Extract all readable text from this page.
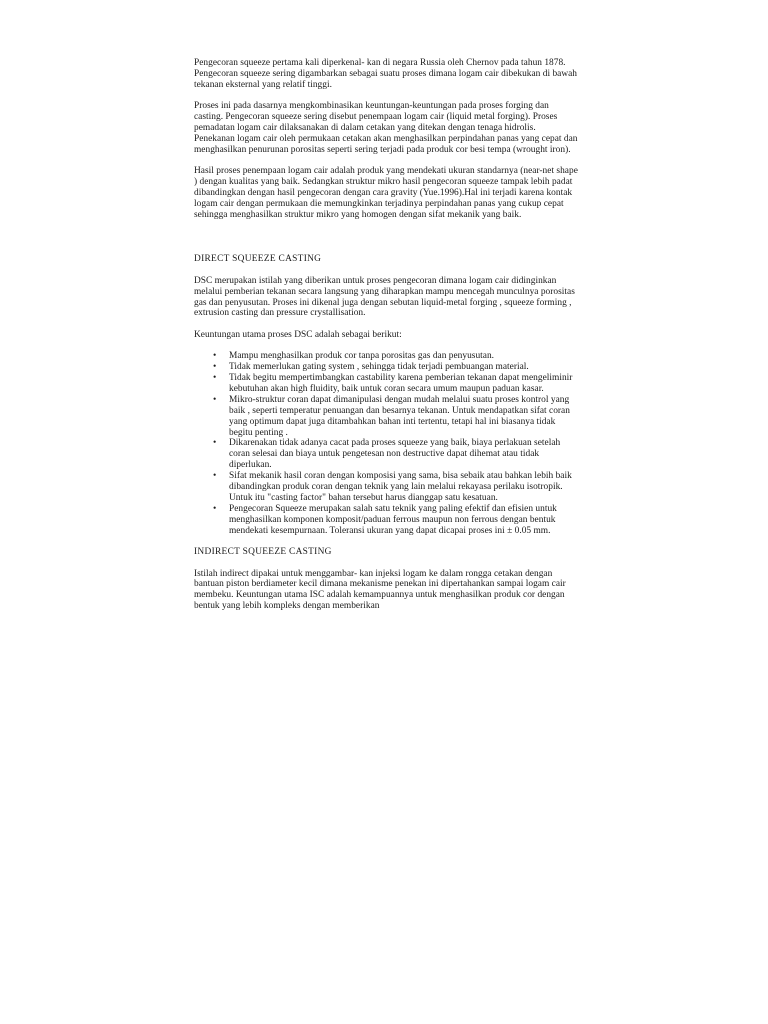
Pengecoran squeeze pertama kali diperkenal- kan di negara Russia oleh Chernov pada tahun 1878. Pengecoran squeeze sering digambarkan sebagai suatu proses dimana logam cair dibekukan di bawah tekanan eksternal yang relatif tinggi.

Proses ini pada dasarnya mengkombinasikan keuntungan-keuntungan pada proses forging dan casting. Pengecoran squeeze sering disebut penempaan logam cair (liquid metal forging). Proses pemadatan logam cair dilaksanakan di dalam cetakan yang ditekan dengan tenaga hidrolis. Penekanan logam cair oleh permukaan cetakan akan menghasilkan perpindahan panas yang cepat dan menghasilkan penurunan porositas seperti sering terjadi pada produk cor besi tempa (wrought iron).

Hasil proses penempaan logam cair adalah produk yang mendekati ukuran standarnya (near-net shape ) dengan kualitas yang baik. Sedangkan struktur mikro hasil pengecoran squeeze tampak lebih padat dibandingkan dengan hasil pengecoran dengan cara gravity (Yue.1996).Hal ini terjadi karena kontak logam cair dengan permukaan die memungkinkan terjadinya perpindahan panas yang cukup cepat sehingga menghasilkan struktur mikro yang homogen dengan sifat mekanik yang baik.

DIRECT SQUEEZE CASTING

DSC merupakan istilah yang diberikan untuk proses pengecoran dimana logam cair didinginkan melalui pemberian tekanan secara langsung yang diharapkan mampu mencegah munculnya porositas gas dan penyusutan. Proses ini dikenal juga dengan sebutan liquid-metal forging , squeeze forming , extrusion casting dan pressure crystallisation.

Keuntungan utama proses DSC adalah sebagai berikut:

• Mampu menghasilkan produk cor tanpa porositas gas dan penyusutan.
• Tidak memerlukan gating system , sehingga tidak terjadi pembuangan material.
• Tidak begitu mempertimbangkan castability karena pemberian tekanan dapat mengeliminir kebutuhan akan high fluidity, baik untuk coran secara umum maupun paduan kasar.
• Mikro-struktur coran dapat dimanipulasi dengan mudah melalui suatu proses kontrol yang baik , seperti temperatur penuangan dan besarnya tekanan. Untuk mendapatkan sifat coran yang optimum dapat juga ditambahkan bahan inti tertentu, tetapi hal ini biasanya tidak begitu penting .
• Dikarenakan tidak adanya cacat pada proses squeeze yang baik, biaya perlakuan setelah coran selesai dan biaya untuk pengetesan non destructive dapat dihemat atau tidak diperlukan.
• Sifat mekanik hasil coran dengan komposisi yang sama, bisa sebaik atau bahkan lebih baik dibandingkan produk coran dengan teknik yang lain melalui rekayasa perilaku isotropik. Untuk itu "casting factor" bahan tersebut harus dianggap satu kesatuan.
• Pengecoran Squeeze merupakan salah satu teknik yang paling efektif dan efisien untuk menghasilkan komponen komposit/paduan ferrous maupun non ferrous dengan bentuk mendekati kesempurnaan. Toleransi ukuran yang dapat dicapai proses ini ± 0.05 mm.

INDIRECT SQUEEZE CASTING

Istilah indirect dipakai untuk menggambar- kan injeksi logam ke dalam rongga cetakan dengan bantuan piston berdiameter kecil dimana mekanisme penekan ini dipertahankan sampai logam cair membeku. Keuntungan utama ISC adalah kemampuannya untuk menghasilkan produk cor dengan bentuk yang lebih kompleks dengan memberikan
